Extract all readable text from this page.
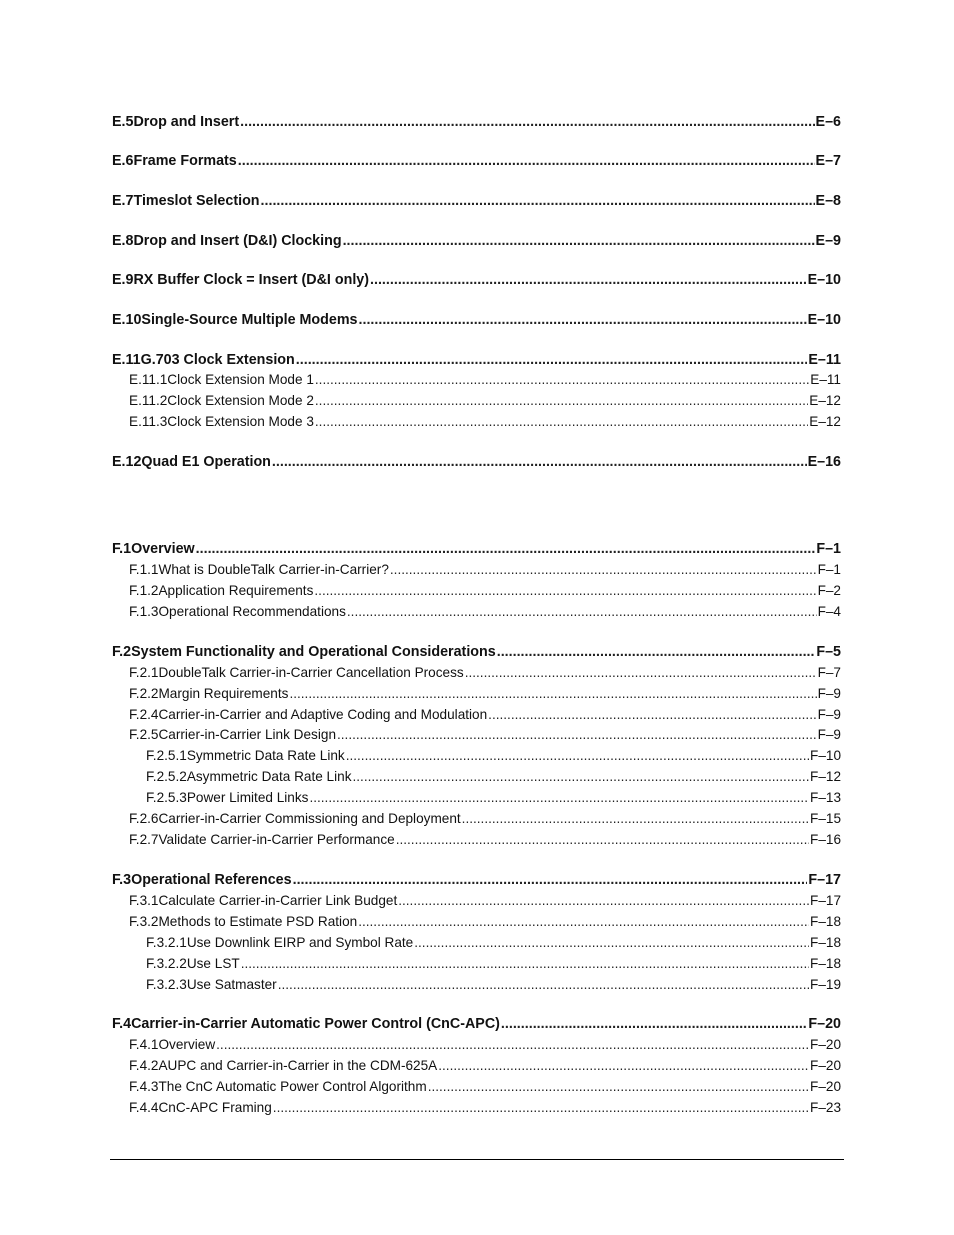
E.5 Drop and Insert .....	E–6
E.6 Frame Formats .....	E–7
E.7 Timeslot Selection .....	E–8
E.8 Drop and Insert (D&I) Clocking .....	E–9
E.9 RX Buffer Clock = Insert (D&I only) .....	E–10
E.10 Single-Source Multiple Modems .....	E–10
E.11 G.703 Clock Extension .....	E–11
E.11.1 Clock Extension Mode 1 .....	E–11
E.11.2 Clock Extension Mode 2 .....	E–12
E.11.3 Clock Extension Mode 3 .....	E–12
E.12 Quad E1 Operation .....	E–16
F.1 Overview .....	F–1
F.1.1 What is DoubleTalk Carrier-in-Carrier? .....	F–1
F.1.2 Application Requirements .....	F–2
F.1.3 Operational Recommendations .....	F–4
F.2 System Functionality and Operational Considerations .....	F–5
F.2.1 DoubleTalk Carrier-in-Carrier Cancellation Process .....	F–7
F.2.2 Margin Requirements .....	F–9
F.2.4 Carrier-in-Carrier and Adaptive Coding and Modulation .....	F–9
F.2.5 Carrier-in-Carrier Link Design .....	F–9
F.2.5.1 Symmetric Data Rate Link .....	F–10
F.2.5.2 Asymmetric Data Rate Link .....	F–12
F.2.5.3 Power Limited Links .....	F–13
F.2.6 Carrier-in-Carrier Commissioning and Deployment .....	F–15
F.2.7 Validate Carrier-in-Carrier Performance .....	F–16
F.3 Operational References .....	F–17
F.3.1 Calculate Carrier-in-Carrier Link Budget .....	F–17
F.3.2 Methods to Estimate PSD Ration .....	F–18
F.3.2.1 Use Downlink EIRP and Symbol Rate .....	F–18
F.3.2.2 Use LST .....	F–18
F.3.2.3 Use Satmaster .....	F–19
F.4 Carrier-in-Carrier Automatic Power Control (CnC-APC) .....	F–20
F.4.1 Overview .....	F–20
F.4.2 AUPC and Carrier-in-Carrier in the CDM-625A .....	F–20
F.4.3 The CnC Automatic Power Control Algorithm .....	F–20
F.4.4 CnC-APC Framing .....	F–23
